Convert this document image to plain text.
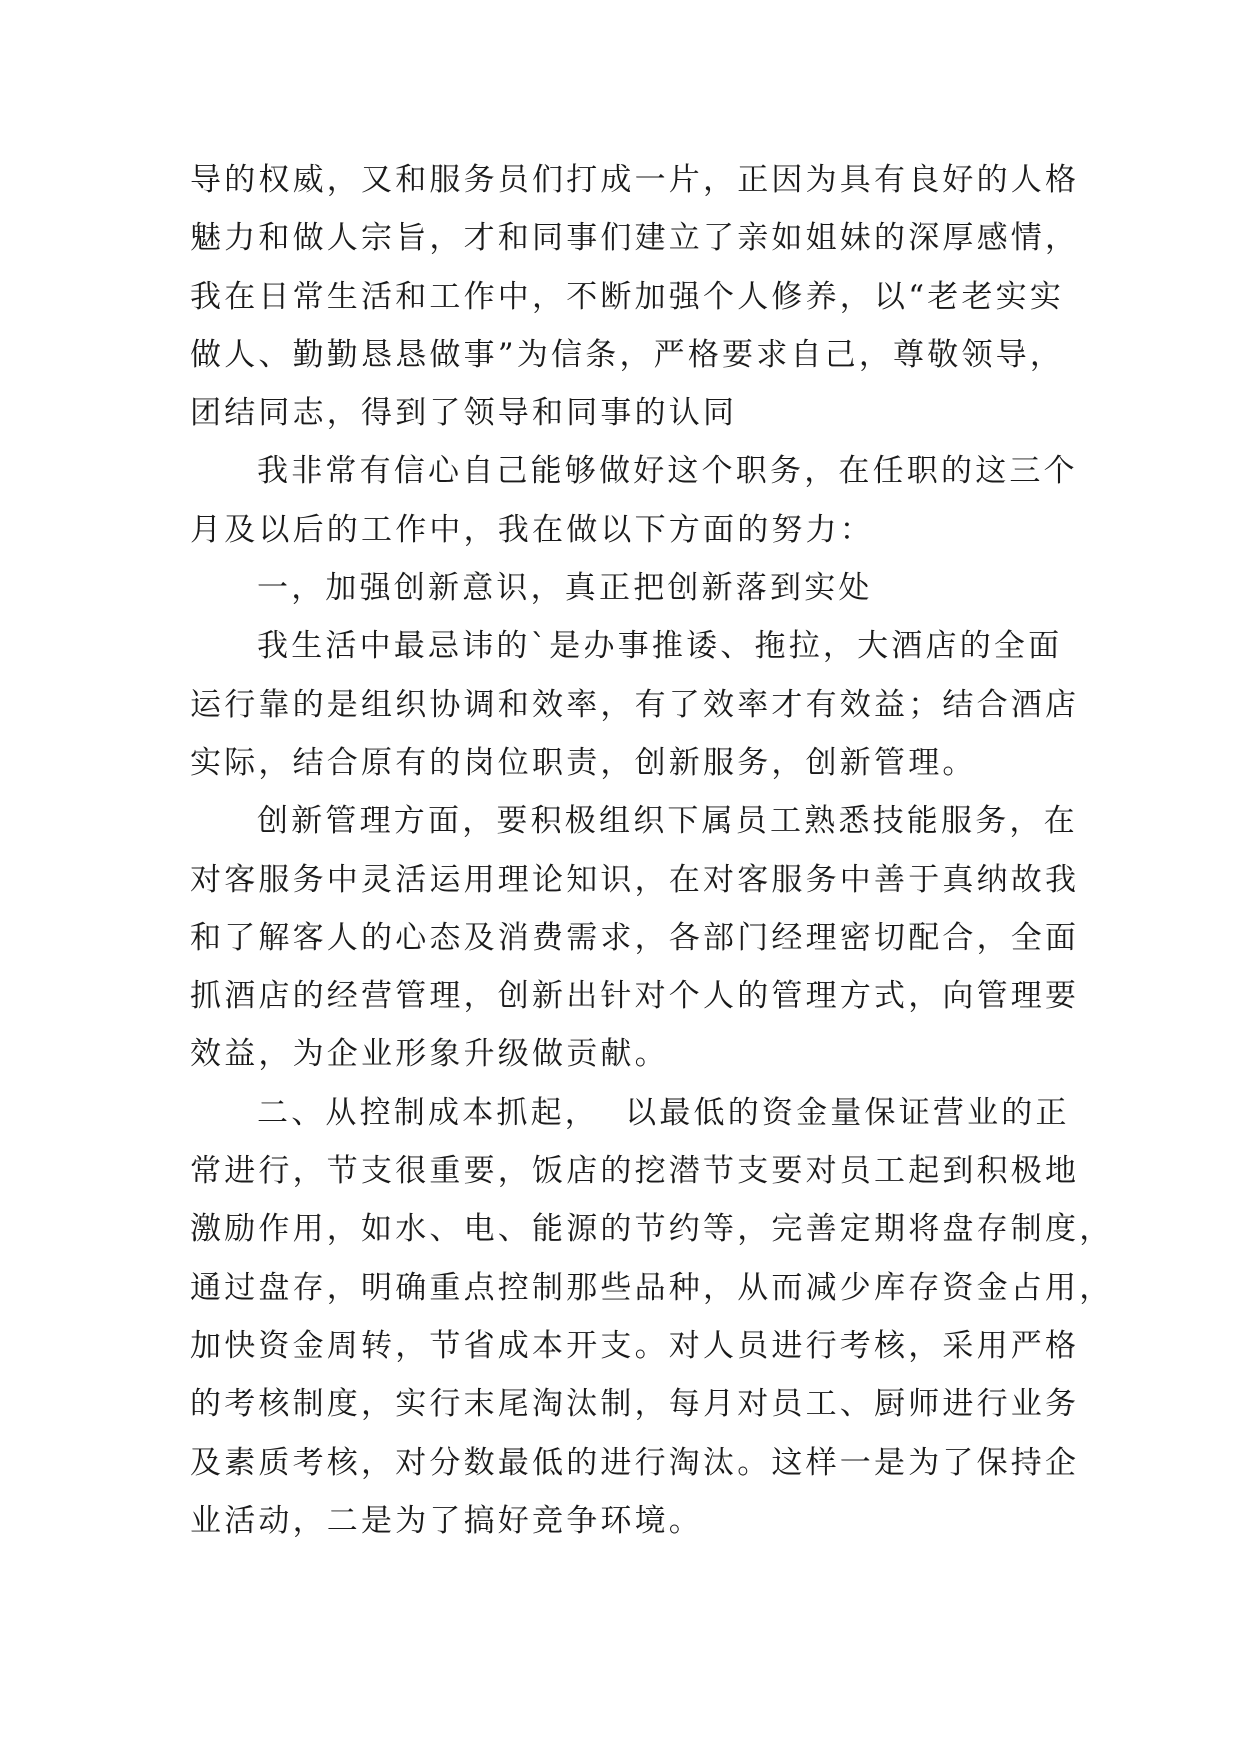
导的权威，又和服务员们打成一片，正因为具有良好的人格
魅力和做人宗旨，才和同事们建立了亲如姐妹的深厚感情，
我在日常生活和工作中，不断加强个人修养，以“老老实实
做人、勤勤恳恳做事”为信条，严格要求自己，尊敬领导，
团结同志，得到了领导和同事的认同
我非常有信心自己能够做好这个职务，在任职的这三个
月及以后的工作中，我在做以下方面的努力：
一，加强创新意识，真正把创新落到实处
我生活中最忌讳的`是办事推诿、拖拉，大酒店的全面
运行靠的是组织协调和效率，有了效率才有效益；结合酒店
实际，结合原有的岗位职责，创新服务，创新管理。
创新管理方面，要积极组织下属员工熟悉技能服务，在
对客服务中灵活运用理论知识，在对客服务中善于真纳故我
和了解客人的心态及消费需求，各部门经理密切配合，全面
抓酒店的经营管理，创新出针对个人的管理方式，向管理要
效益，为企业形象升级做贡献。
二、从控制成本抓起，  以最低的资金量保证营业的正
常进行，节支很重要，饭店的挖潜节支要对员工起到积极地
激励作用，如水、电、能源的节约等，完善定期将盘存制度，
通过盘存，明确重点控制那些品种，从而减少库存资金占用，
加快资金周转，节省成本开支。对人员进行考核，采用严格
的考核制度，实行末尾淘汰制，每月对员工、厨师进行业务
及素质考核，对分数最低的进行淘汰。这样一是为了保持企
业活动，二是为了搞好竞争环境。
